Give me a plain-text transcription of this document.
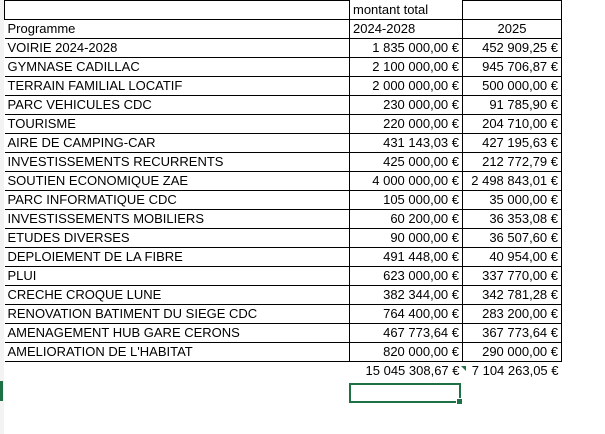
	montant total	
Programme	2024-2028	2025
VOIRIE 2024-2028	1 835 000,00 €	452 909,25 €
GYMNASE CADILLAC	2 100 000,00 €	945 706,87 €
TERRAIN FAMILIAL LOCATIF	2 000 000,00 €	500 000,00 €
PARC VEHICULES CDC	230 000,00 €	91 785,90 €
TOURISME	220 000,00 €	204 710,00 €
AIRE DE CAMPING-CAR	431 143,03 €	427 195,63 €
INVESTISSEMENTS RECURRENTS	425 000,00 €	212 772,79 €
SOUTIEN ECONOMIQUE ZAE	4 000 000,00 €	2 498 843,01 €
PARC INFORMATIQUE CDC	105 000,00 €	35 000,00 €
INVESTISSEMENTS MOBILIERS	60 200,00 €	36 353,08 €
ETUDES DIVERSES	90 000,00 €	36 507,60 €
DEPLOIEMENT DE LA FIBRE	491 448,00 €	40 954,00 €
PLUI	623 000,00 €	337 770,00 €
CRECHE CROQUE LUNE	382 344,00 €	342 781,28 €
RENOVATION BATIMENT DU SIEGE CDC	764 400,00 €	283 200,00 €
AMENAGEMENT HUB GARE CERONS	467 773,64 €	367 773,64 €
AMELIORATION DE L'HABITAT	820 000,00 €	290 000,00 €
	15 045 308,67 €	7 104 263,05 €
